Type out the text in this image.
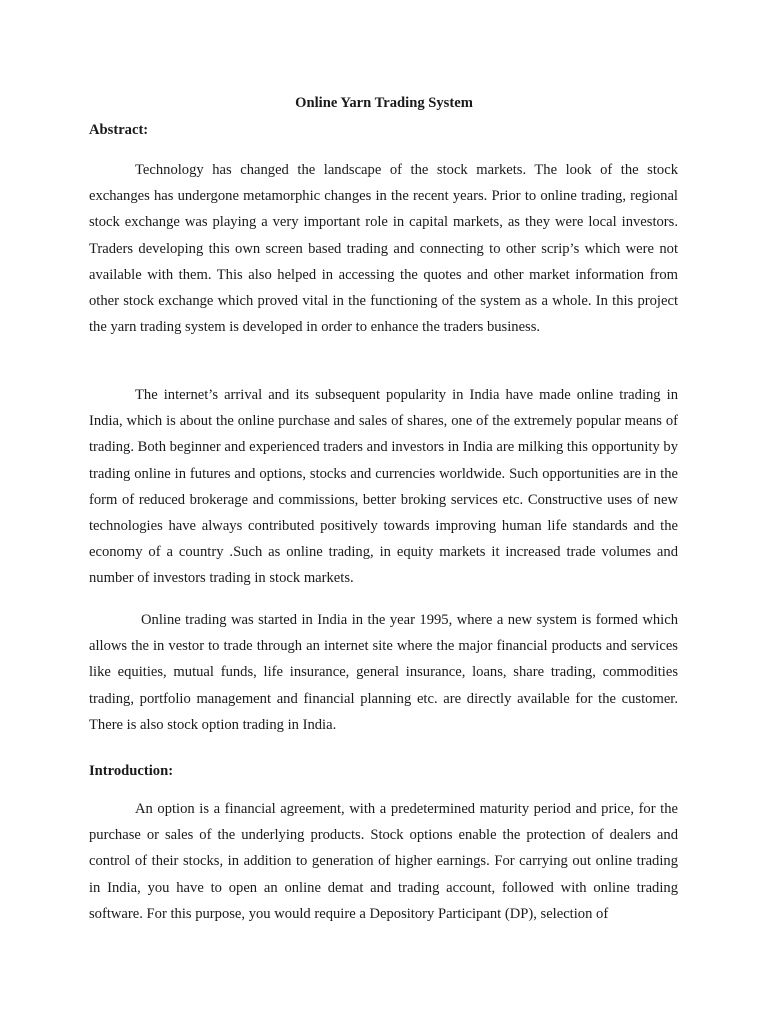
Online Yarn Trading System
Abstract:

Technology has changed the landscape of the stock markets. The look of the stock exchanges has undergone metamorphic changes in the recent years. Prior to online trading, regional stock exchange was playing a very important role in capital markets, as they were local investors. Traders developing this own screen based trading and connecting to other scrip’s which were not available with them. This also helped in accessing the quotes and other market information from other stock exchange which proved vital in the functioning of the system as a whole. In this project the yarn trading system is developed in order to enhance the traders business.

The internet’s arrival and its subsequent popularity in India have made online trading in India, which is about the online purchase and sales of shares, one of the extremely popular means of trading. Both beginner and experienced traders and investors in India are milking this opportunity by trading online in futures and options, stocks and currencies worldwide. Such opportunities are in the form of reduced brokerage and commissions, better broking services etc. Constructive uses of new technologies have always contributed positively towards improving human life standards and the economy of a country .Such as online trading, in equity markets it increased trade volumes and number of investors trading in stock markets.

Online trading was started in India in the year 1995, where a new system is formed which allows the in vestor to trade through an internet site where the major financial products and services like equities, mutual funds, life insurance, general insurance, loans, share trading, commodities trading, portfolio management and financial planning etc. are directly available for the customer. There is also stock option trading in India.

Introduction:

An option is a financial agreement, with a predetermined maturity period and price, for the purchase or sales of the underlying products. Stock options enable the protection of dealers and control of their stocks, in addition to generation of higher earnings. For carrying out online trading in India, you have to open an online demat and trading account, followed with online trading software. For this purpose, you would require a Depository Participant (DP), selection of
